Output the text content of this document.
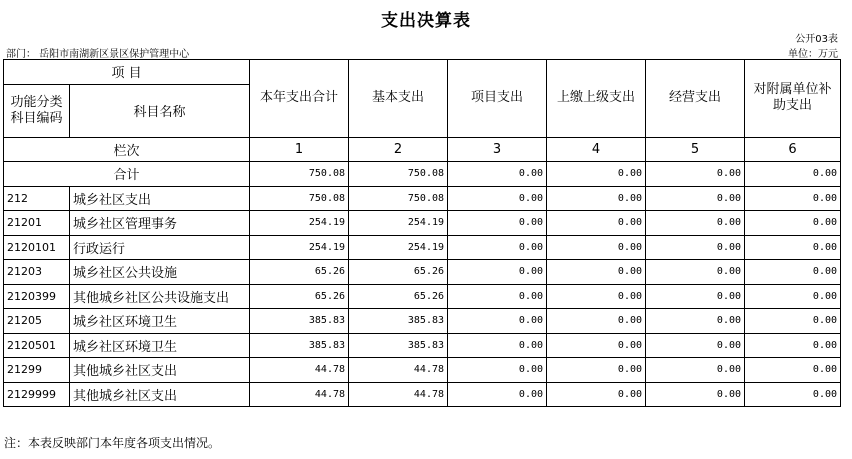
支出决算表
公开03表
部门： 岳阳市南湖新区景区保护管理中心	单位：万元
项 目		本年支出合计	基本支出	项目支出	上缴上级支出	经营支出	对附属单位补助支出
功能分类科目编码	科目名称						
栏次		1	2	3	4	5	6
合计		750.08	750.08	0.00	0.00	0.00	0.00
212	城乡社区支出	750.08	750.08	0.00	0.00	0.00	0.00
21201	城乡社区管理事务	254.19	254.19	0.00	0.00	0.00	0.00
2120101	行政运行	254.19	254.19	0.00	0.00	0.00	0.00
21203	城乡社区公共设施	65.26	65.26	0.00	0.00	0.00	0.00
2120399	其他城乡社区公共设施支出	65.26	65.26	0.00	0.00	0.00	0.00
21205	城乡社区环境卫生	385.83	385.83	0.00	0.00	0.00	0.00
2120501	城乡社区环境卫生	385.83	385.83	0.00	0.00	0.00	0.00
21299	其他城乡社区支出	44.78	44.78	0.00	0.00	0.00	0.00
2129999	其他城乡社区支出	44.78	44.78	0.00	0.00	0.00	0.00
注：本表反映部门本年度各项支出情况。
